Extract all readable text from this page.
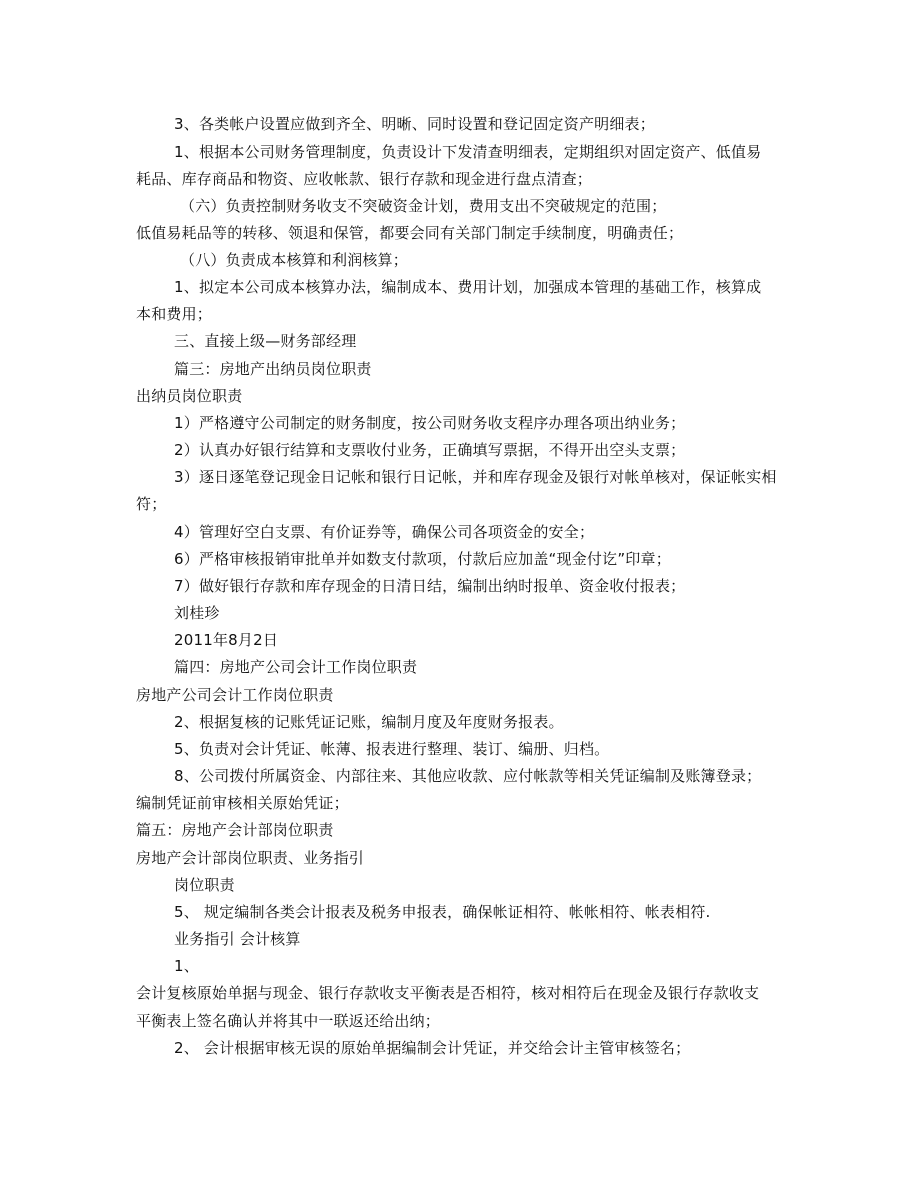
3、各类帐户设置应做到齐全、明晰、同时设置和登记固定资产明细表；
1、根据本公司财务管理制度，负责设计下发清查明细表，定期组织对固定资产、低值易
耗品、库存商品和物资、应收帐款、银行存款和现金进行盘点清查；
（六）负责控制财务收支不突破资金计划，费用支出不突破规定的范围；
低值易耗品等的转移、领退和保管，都要会同有关部门制定手续制度，明确责任；
（八）负责成本核算和利润核算；
1、拟定本公司成本核算办法，编制成本、费用计划，加强成本管理的基础工作，核算成
本和费用；
三、直接上级—财务部经理
篇三：房地产出纳员岗位职责
出纳员岗位职责
1）严格遵守公司制定的财务制度，按公司财务收支程序办理各项出纳业务；
2）认真办好银行结算和支票收付业务，正确填写票据，不得开出空头支票；
3）逐日逐笔登记现金日记帐和银行日记帐，并和库存现金及银行对帐单核对，保证帐实相
符；
4）管理好空白支票、有价证券等，确保公司各项资金的安全；
6）严格审核报销审批单并如数支付款项，付款后应加盖“现金付讫”印章；
7）做好银行存款和库存现金的日清日结，编制出纳时报单、资金收付报表；
刘桂珍
2011年8月2日
篇四：房地产公司会计工作岗位职责
房地产公司会计工作岗位职责
2、根据复核的记账凭证记账，编制月度及年度财务报表。
5、负责对会计凭证、帐薄、报表进行整理、装订、编册、归档。
8、公司拨付所属资金、内部往来、其他应收款、应付帐款等相关凭证编制及账簿登录；
编制凭证前审核相关原始凭证；
篇五：房地产会计部岗位职责
房地产会计部岗位职责、业务指引
岗位职责
5、 规定编制各类会计报表及税务申报表，确保帐证相符、帐帐相符、帐表相符.
业务指引 会计核算
1、
会计复核原始单据与现金、银行存款收支平衡表是否相符，核对相符后在现金及银行存款收支
平衡表上签名确认并将其中一联返还给出纳；
2、 会计根据审核无误的原始单据编制会计凭证，并交给会计主管审核签名；
